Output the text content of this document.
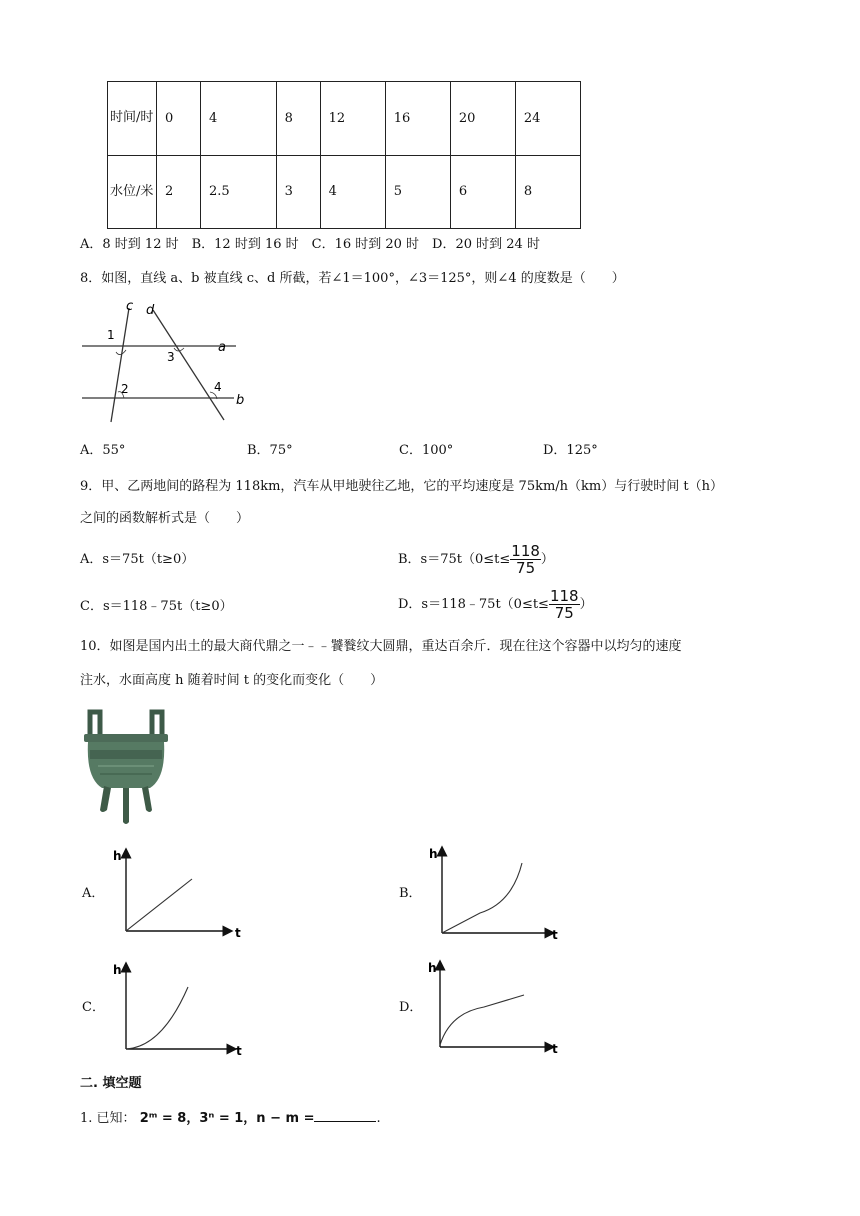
时间/时	0	4	8	12	16	20	24
水位/米	2	2.5	3	4	5	6	8
A．8 时到 12 时　B．12 时到 16 时　C．16 时到 20 时　D．20 时到 24 时
8．如图，直线 a、b 被直线 c、d 所截，若∠1＝100°，∠3＝125°，则∠4 的度数是（　　）
c d
a
b
1
2
3
4
A．55°	B．75°	C．100°	D．125°
9．甲、乙两地间的路程为 118km，汽车从甲地驶往乙地，它的平均速度是 75km/h（km）与行驶时间 t（h）
之间的函数解析式是（　　）
A．s＝75t（t≥0）	B．$s=75t(0\le t\le \frac{118}{75}$ ）
C．s＝118﹣75t（t≥0）	D．s＝118﹣75t（0≤t≤ $\frac{118}{75}$ ）
10．如图是国内出土的最大商代鼎之一﹣﹣饕餮纹大圆鼎，重达百余斤．现在往这个容器中以均匀的速度
注水，水面高度 h 随着时间 t 的变化而变化（　　）
A．	B．
C．	D．
h
t
h
t
h
t
h
t
二. 填空题
1. 已知： 2ᵐ = 8，3ⁿ = 1，n − m =	.
